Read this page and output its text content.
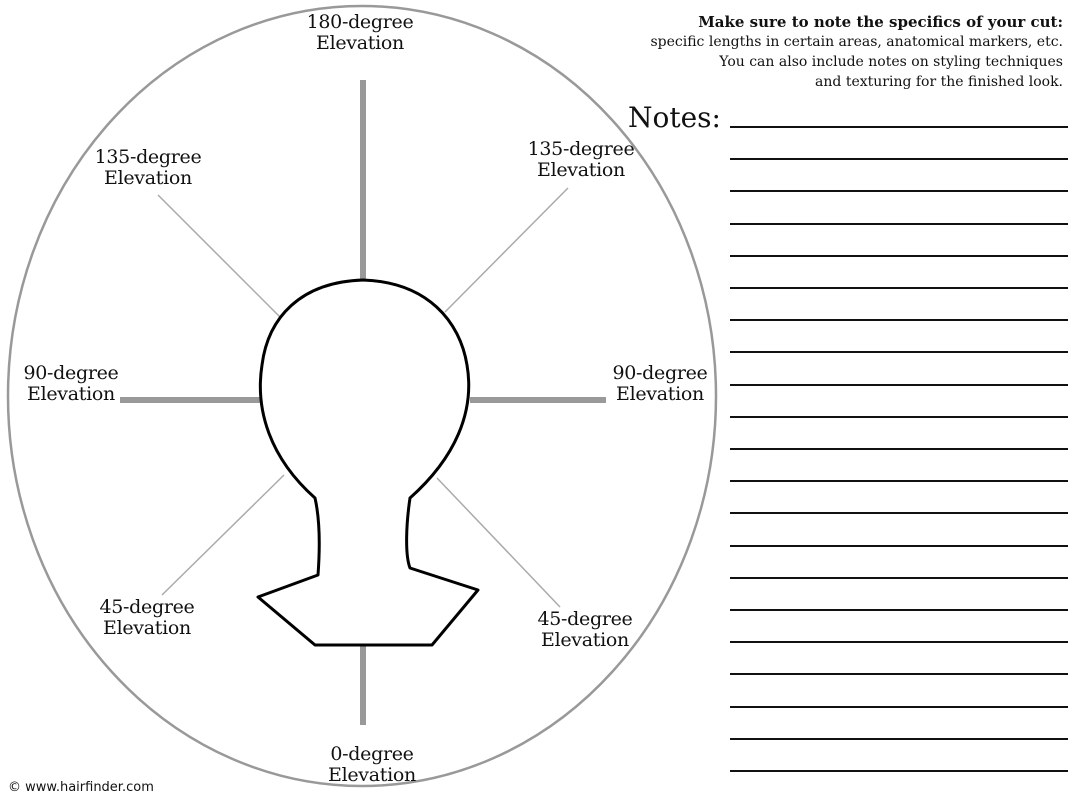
180-degree
Elevation
135-degree
Elevation
135-degree
Elevation
90-degree
Elevation
90-degree
Elevation
45-degree
Elevation	45-degree
Elevation
0-degree
Elevation
Make sure to note the specifics of your cut:
specific lengths in certain areas, anatomical markers, etc.
You can also include notes on styling techniques
and texturing for the finished look.
Notes:
© www.hairfinder.com
